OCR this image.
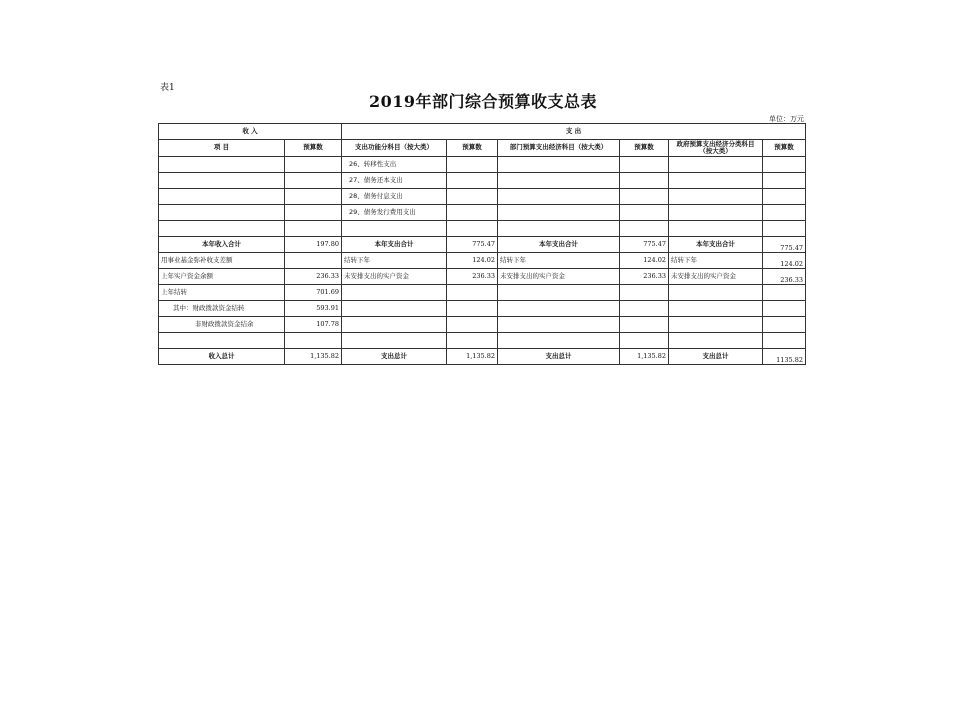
表1
2019年部门综合预算收支总表
单位：万元
收 入		支 出					
项 目	预算数	支出功能分科目（按大类）	预算数	部门预算支出经济科目（按大类）	预算数	政府预算支出经济分类科目（按大类）	预算数
		26、转移性支出					
		27、债务还本支出					
		28、债务付息支出					
		29、债务发行费用支出					

本年收入合计	197.80	本年支出合计	775.47	本年支出合计	775.47	本年支出合计	775.47
用事业基金弥补收支差额		结转下年	124.02	结转下年	124.02	结转下年	124.02
上年实户资金余额	236.33	未安排支出的实户资金	236.33	未安排支出的实户资金	236.33	未安排支出的实户资金	236.33
上年结转	701.69						
其中：财政拨款资金结转	593.91						
非财政拨款资金结余	107.78						

收入总计	1,135.82	支出总计	1,135.82	支出总计	1,135.82	支出总计	1135.82
